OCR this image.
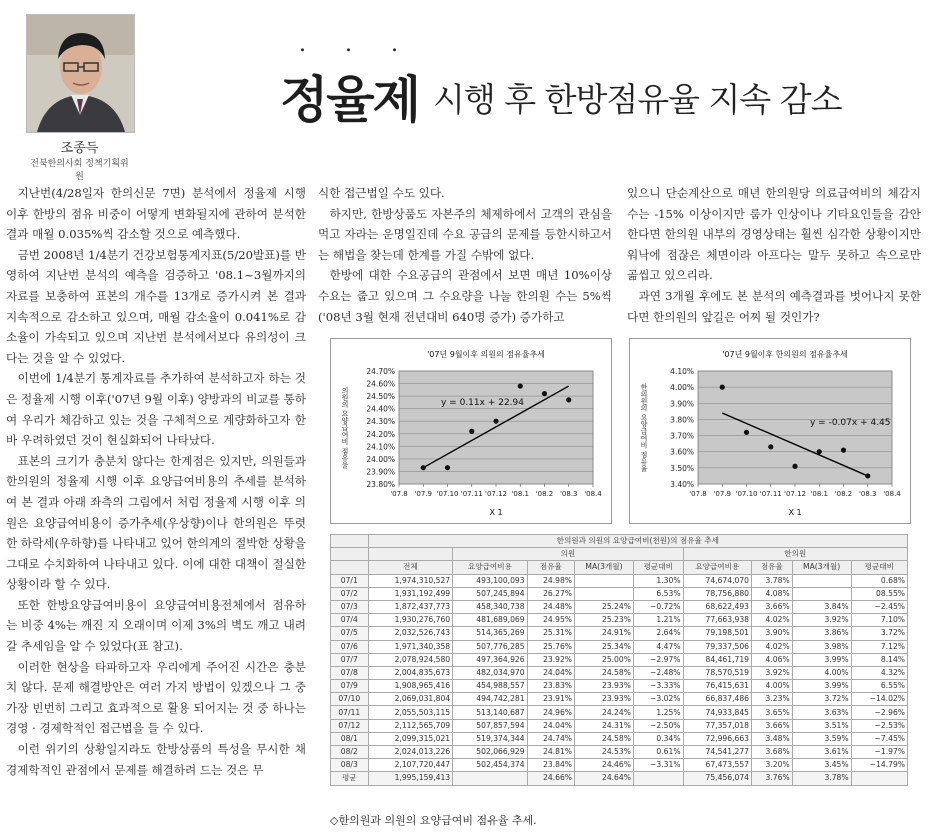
조종득
전북한의사회 정책기획위원
...
정율제 시행 후 한방점유율 지속 감소

지난번(4/28일자 한의신문 7면) 분석에서 정율제 시행 이후 한방의 점유 비중이 어떻게 변화될지에 관하여 분석한 결과 매월 0.035%씩 감소할 것으로 예측했다.

금번 2008년 1/4분기 건강보험통계지표(5/20발표)를 반영하여 지난번 분석의 예측을 검증하고 '08.1~3월까지의 자료를 보충하여 표본의 개수를 13개로 증가시켜 본 결과 지속적으로 감소하고 있으며, 매월 감소율이 0.041%로 감소율이 가속되고 있으며 지난번 분석에서보다 유의성이 크다는 것을 알 수 있었다.

이번에 1/4분기 통계자료를 추가하여 분석하고자 하는 것은 정율제 시행 이후('07년 9월 이후) 양방과의 비교를 통하여 우리가 체감하고 있는 것을 구체적으로 계량화하고자 한 바 우려하였던 것이 현실화되어 나타났다.

표본의 크기가 충분치 않다는 한계점은 있지만, 의원들과 한의원의 정율제 시행 이후 요양급여비용의 추세를 분석하여 본 결과 아래 좌측의 그림에서 처럼 정율제 시행 이후 의원은 요양급여비용이 증가추세(우상향)이나 한의원은 뚜렷한 하락세(우하향)를 나타내고 있어 한의계의 절박한 상황을 그대로 수치화하여 나타내고 있다. 이에 대한 대책이 절실한 상황이라 할 수 있다.

또한 한방요양급여비용이 요양급여비용전체에서 점유하는 비중 4%는 깨진 지 오래이며 이제 3%의 벽도 깨고 내려갈 추세임을 알 수 있었다(표 참고).

이러한 현상을 타파하고자 우리에게 주어진 시간은 충분치 않다. 문제 해결방안은 여러 가지 방법이 있겠으나 그 중 가장 빈번히 그리고 효과적으로 활용 되어지는 것 중 하나는 경영 · 경제학적인 접근법을 들 수 있다.

이런 위기의 상황일지라도 한방상품의 특성을 무시한 채 경제학적인 관점에서 문제를 해결하려 드는 것은 무

식한 접근법일 수도 있다.

하지만, 한방상품도 자본주의 체제하에서 고객의 관심을 먹고 자라는 운명일진데 수요 공급의 문제를 등한시하고서는 해법을 찾는데 한계를 가질 수밖에 없다.

한방에 대한 수요공급의 관점에서 보면 매년 10%이상 수요는 줍고 있으며 그 수요량을 나눌 한의원 수는 5%씩('08년 3월 현재 전년대비 640명 증가) 증가하고

있으니 단순계산으로 매년 한의원당 의료급여비의 체감지수는 -15% 이상이지만 룸가 인상이나 기타요인들을 감안한다면 한의원 내부의 경영상태는 훨씬 심각한 상황이지만 워낙에 점잖은 체면이라 아프다는 말두 못하고 속으로만 곪씹고 있으리라.

과연 3개월 후에도 본 분석의 예측결과를 벗어나지 못한다면 한의원의 앞길은 어찌 될 것인가?

23.80%
23.90%
24.00%
24.10%
24.20%
24.30%
24.40%
24.50%
24.60%
24.70%
'07.8 '07.9 '07.10 '07.11 '07.12 '08.1 '08.2 '08.3 '08.4
y = 0.11x + 22.94
'07년 9월이후 의원의 점유율추세
X 1
의원의 요양급여비 점유율
3.40%
3.50%
3.60%
3.70%
3.80%
3.90%
4.00%
4.10%
'07.8 '07.9 '07.10 '07.11 '07.12 '08.1 '08.2 '08.3 '08.4
y = -0.07x + 4.45
'07년 9월이후 한의원의 점유율추세
X 1
한의원의 요양급여비 점유율
	한의원과 의원의 요양급여비(천원)의 점유율 추세								
		의원				한의원			
	전체	요양급여비용	점유율	MA(3개월)	평균대비	요양급여비용	점유율	MA(3개월)	평균대비
07/1	1,974,310,527	493,100,093	24.98%		1.30%	74,674,070	3.78%		0.68%
07/2	1,931,192,499	507,245,894	26.27%		6.53%	78,756,880	4.08%		08.55%
07/3	1,872,437,773	458,340,738	24.48%	25.24%	−0.72%	68,622,493	3.66%	3.84%	−2.45%
07/4	1,930,276,760	481,689,069	24.95%	25.23%	1.21%	77,663,938	4.02%	3.92%	7.10%
07/5	2,032,526,743	514,365,269	25.31%	24.91%	2.64%	79,198,501	3.90%	3.86%	3.72%
07/6	1,971,340,358	507,776,285	25.76%	25.34%	4.47%	79,337,506	4.02%	3.98%	7.12%
07/7	2,078,924,580	497,364,926	23.92%	25.00%	−2.97%	84,461,719	4.06%	3.99%	8.14%
07/8	2,004,835,673	482,034,970	24.04%	24.58%	−2.48%	78,570,519	3.92%	4.00%	4.32%
07/9	1,908,965,416	454,988,557	23.83%	23.93%	−3.33%	76,415,631	4.00%	3.99%	6.55%
07/10	2,069,031,804	494,742,281	23.91%	23.93%	−3.02%	66,837,486	3.23%	3.72%	−14.02%
07/11	2,055,503,115	513,140,687	24.96%	24.24%	1.25%	74,933,845	3.65%	3.63%	−2.96%
07/12	2,112,565,709	507,857,594	24.04%	24.31%	−2.50%	77,357,018	3.66%	3.51%	−2.53%
08/1	2,099,315,021	519,374,344	24.74%	24.58%	0.34%	72,996,663	3.48%	3.59%	−7.45%
08/2	2,024,013,226	502,066,929	24.81%	24.53%	0.61%	74,541,277	3.68%	3.61%	−1.97%
08/3	2,107,720,447	502,454,374	23.84%	24.46%	−3.31%	67,473,557	3.20%	3.45%	−14.79%
평균	1,995,159,413		24.66%	24.64%		75,456,074	3.76%	3.78%	
◇한의원과 의원의 요양급여비 점유율 추세.
